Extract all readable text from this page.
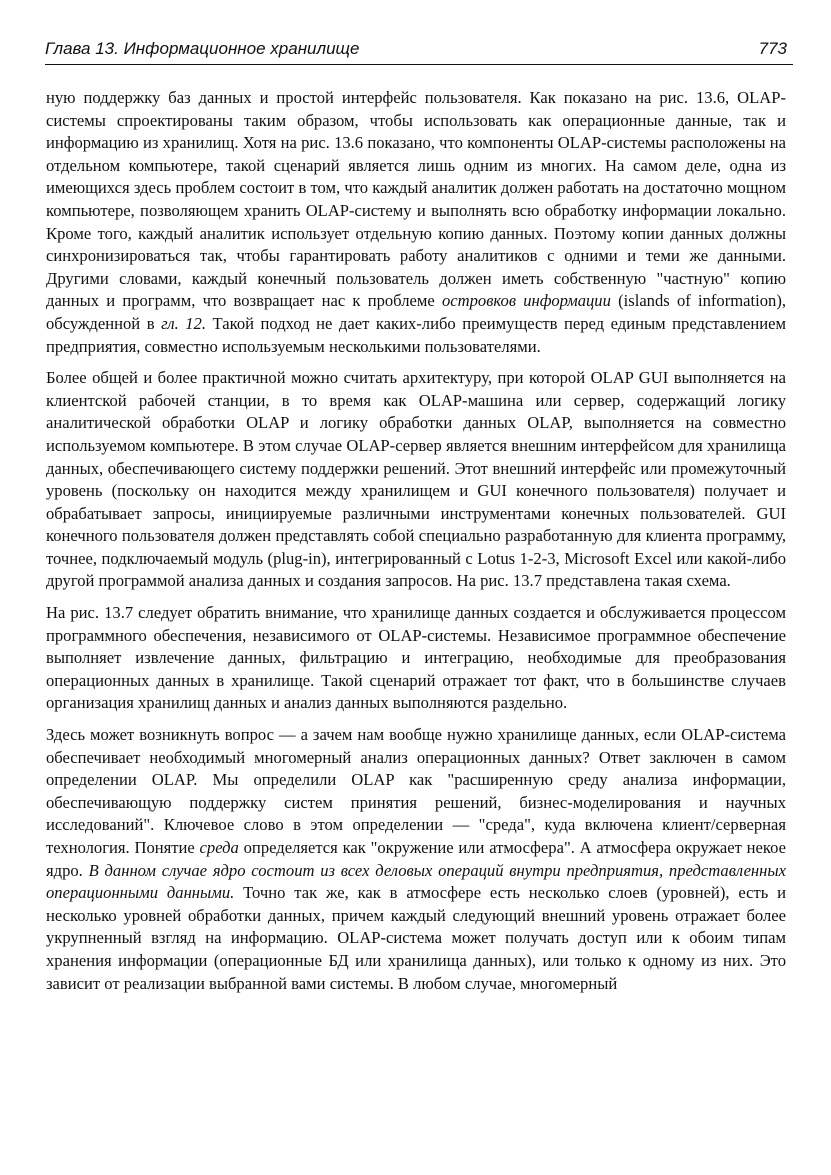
Глава 13. Информационное хранилище	773

ную поддержку баз данных и простой интерфейс пользователя. Как показано на рис. 13.6, OLAP-системы спроектированы таким образом, чтобы использовать как операционные данные, так и информацию из хранилищ. Хотя на рис. 13.6 показано, что компоненты OLAP-системы расположены на отдельном компьютере, такой сценарий является лишь одним из многих. На самом деле, одна из имеющихся здесь проблем состоит в том, что каждый аналитик должен работать на достаточно мощном компьютере, позволяющем хранить OLAP-систему и выполнять всю обработку информации локально. Кроме того, каждый аналитик использует отдельную копию данных. Поэтому копии данных должны синхронизироваться так, чтобы гарантировать работу аналитиков с одними и теми же данными. Другими словами, каждый конечный пользователь должен иметь собственную "частную" копию данных и программ, что возвращает нас к проблеме островков информации (islands of information), обсужденной в гл. 12. Такой подход не дает каких-либо преимуществ перед единым представлением предприятия, совместно используемым несколькими пользователями.

Более общей и более практичной можно считать архитектуру, при которой OLAP GUI выполняется на клиентской рабочей станции, в то время как OLAP-машина или сервер, содержащий логику аналитической обработки OLAP и логику обработки данных OLAP, выполняется на совместно используемом компьютере. В этом случае OLAP-сервер является внешним интерфейсом для хранилища данных, обеспечивающего систему поддержки решений. Этот внешний интерфейс или промежуточный уровень (поскольку он находится между хранилищем и GUI конечного пользователя) получает и обрабатывает запросы, инициируемые различными инструментами конечных пользователей. GUI конечного пользователя должен представлять собой специально разработанную для клиента программу, точнее, подключаемый модуль (plug-in), интегрированный с Lotus 1-2-3, Microsoft Excel или какой-либо другой программой анализа данных и создания запросов. На рис. 13.7 представлена такая схема.

На рис. 13.7 следует обратить внимание, что хранилище данных создается и обслуживается процессом программного обеспечения, независимого от OLAP-системы. Независимое программное обеспечение выполняет извлечение данных, фильтрацию и интеграцию, необходимые для преобразования операционных данных в хранилище. Такой сценарий отражает тот факт, что в большинстве случаев организация хранилищ данных и анализ данных выполняются раздельно.

Здесь может возникнуть вопрос — а зачем нам вообще нужно хранилище данных, если OLAP-система обеспечивает необходимый многомерный анализ операционных данных? Ответ заключен в самом определении OLAP. Мы определили OLAP как "расширенную среду анализа информации, обеспечивающую поддержку систем принятия решений, бизнес-моделирования и научных исследований". Ключевое слово в этом определении — "среда", куда включена клиент/серверная технология. Понятие среда определяется как "окружение или атмосфера". А атмосфера окружает некое ядро. В данном случае ядро состоит из всех деловых операций внутри предприятия, представленных операционными данными. Точно так же, как в атмосфере есть несколько слоев (уровней), есть и несколько уровней обработки данных, причем каждый следующий внешний уровень отражает более укрупненный взгляд на информацию. OLAP-система может получать доступ или к обоим типам хранения информации (операционные БД или хранилища данных), или только к одному из них. Это зависит от реализации выбранной вами системы. В любом случае, многомерный
